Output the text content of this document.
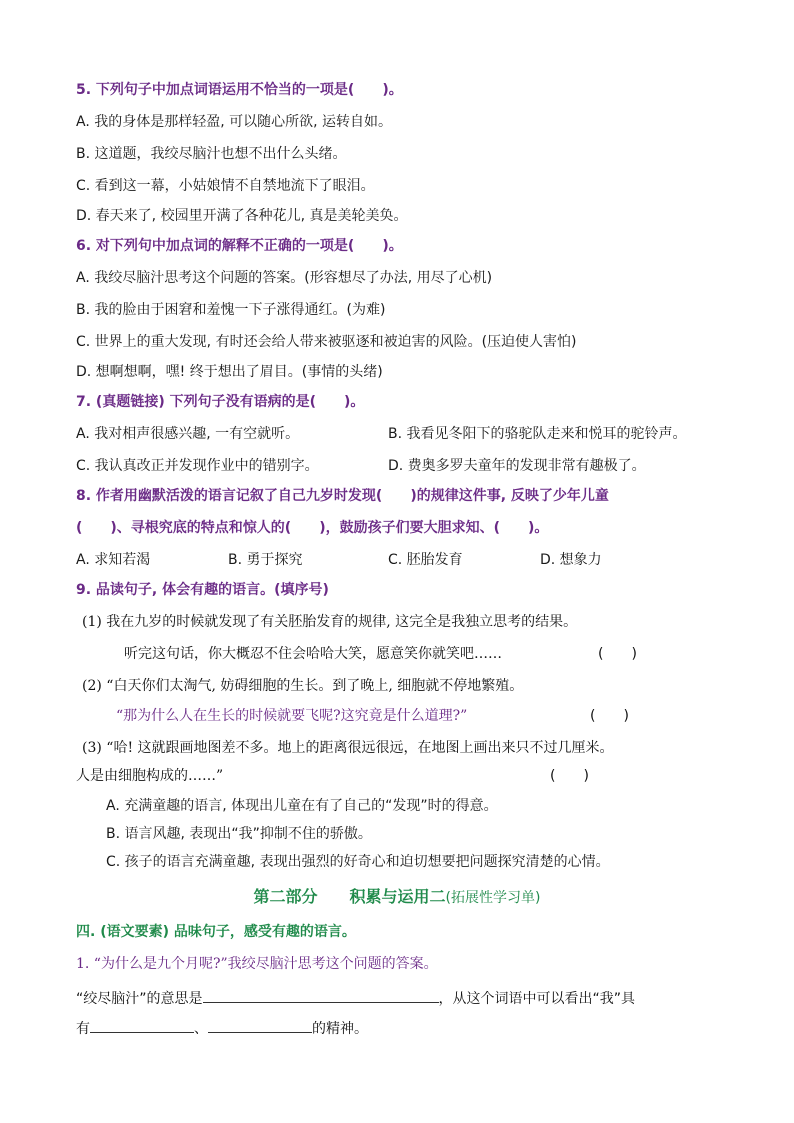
5. 下列句子中加点词语运用不恰当的一项是(　　)。
A. 我的身体是那样轻盈, 可以随心所欲, 运转自如。
B. 这道题，我绞尽脑汁也想不出什么头绪。
C. 看到这一幕，小姑娘情不自禁地流下了眼泪。
D. 春天来了, 校园里开满了各种花儿, 真是美轮美奂。
6. 对下列句中加点词的解释不正确的一项是(　　)。
A. 我绞尽脑汁思考这个问题的答案。(形容想尽了办法, 用尽了心机)
B. 我的脸由于困窘和羞愧一下子涨得通红。(为难)
C. 世界上的重大发现, 有时还会给人带来被驱逐和被迫害的风险。(压迫使人害怕)
D. 想啊想啊，嘿! 终于想出了眉目。(事情的头绪)
7. (真题链接) 下列句子没有语病的是(　　)。
A. 我对相声很感兴趣, 一有空就听。	B. 我看见冬阳下的骆驼队走来和悦耳的驼铃声。
C. 我认真改正并发现作业中的错别字。	D. 费奥多罗夫童年的发现非常有趣极了。
8. 作者用幽默活泼的语言记叙了自己九岁时发现(　　)的规律这件事, 反映了少年儿童
(　　)、寻根究底的特点和惊人的(　　)，鼓励孩子们要大胆求知、(　　)。
A. 求知若渴	B. 勇于探究	C. 胚胎发育	D. 想象力
9. 品读句子, 体会有趣的语言。(填序号)
(1) 我在九岁的时候就发现了有关胚胎发育的规律, 这完全是我独立思考的结果。
听完这句话，你大概忍不住会哈哈大笑，愿意笑你就笑吧……	(　　)
(2) “白天你们太淘气, 妨碍细胞的生长。到了晚上, 细胞就不停地繁殖。
“那为什么人在生长的时候就要飞呢?这究竟是什么道理?”	(　　)
(3) “哈! 这就跟画地图差不多。地上的距离很远很远，在地图上画出来只不过几厘米。
人是由细胞构成的……”	(　　)
A. 充满童趣的语言, 体现出儿童在有了自己的“发现”时的得意。
B. 语言风趣, 表现出“我”抑制不住的骄傲。
C. 孩子的语言充满童趣, 表现出强烈的好奇心和迫切想要把问题探究清楚的心情。
第二部分　　积累与运用二(拓展性学习单)
四. (语文要素) 品味句子，感受有趣的语言。
1. “为什么是九个月呢?”我绞尽脑汁思考这个问题的答案。
“绞尽脑汁”的意思是	，从这个词语中可以看出“我”具
有	、	的精神。
